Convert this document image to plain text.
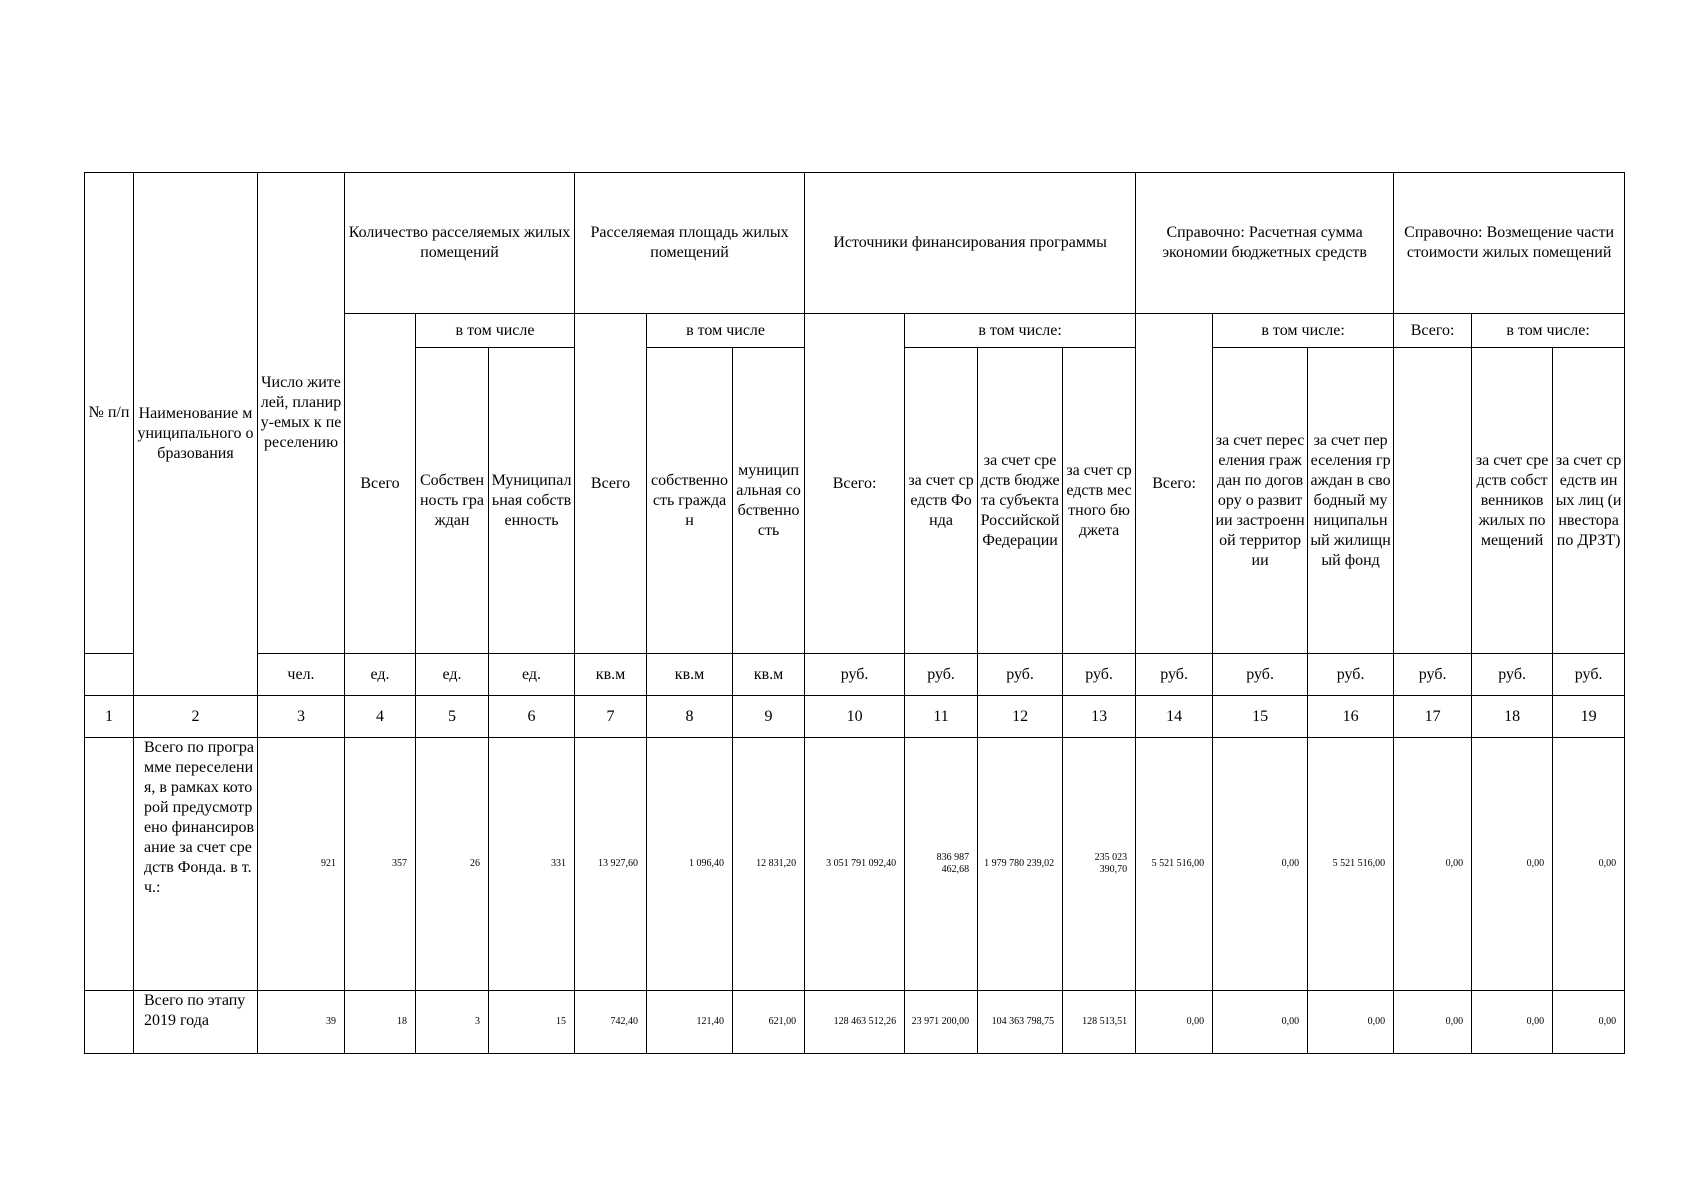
№ п/п	Наименование муниципального образования	Число жителей, планиру-емых к переселению	Количество расселяемых жилых помещений			Расселяемая площадь жилых помещений			Источники финансирования программы				Справочно: Расчетная сумма экономии бюджетных средств			Справочно: Возмещение части стоимости жилых помещений		
			Всего	в том числе		Всего	в том числе		Всего:	в том числе:			Всего:	в том числе:		Всего:	в том числе:	
				Собственность граждан	Муниципальная собственность		собственность граждан	муниципальная собственность		за счет средств Фонда	за счет средств бюджета субъекта Российской Федерации	за счет средств местного бюджета		за счет переселения граждан по договору о развитии застроенной территории	за счет переселения граждан в свободный муниципальный жилищный фонд		за счет средств собственников жилых помещений	за счет средств иных лиц (инвестора по ДРЗТ)
		чел.	ед.	ед.	ед.	кв.м	кв.м	кв.м	руб.	руб.	руб.	руб.	руб.	руб.	руб.	руб.	руб.	руб.
1	2	3	4	5	6	7	8	9	10	11	12	13	14	15	16	17	18	19
	Всего по программе переселения, в рамках которой предусмотрено финансирование за счет средств Фонда. в т.ч.:	921	357	26	331	13 927,60	1 096,40	12 831,20	3 051 791 092,40	836 987 462,68	1 979 780 239,02	235 023 390,70	5 521 516,00	0,00	5 521 516,00	0,00	0,00	0,00
	Всего по этапу 2019 года	39	18	3	15	742,40	121,40	621,00	128 463 512,26	23 971 200,00	104 363 798,75	128 513,51	0,00	0,00	0,00	0,00	0,00	0,00
